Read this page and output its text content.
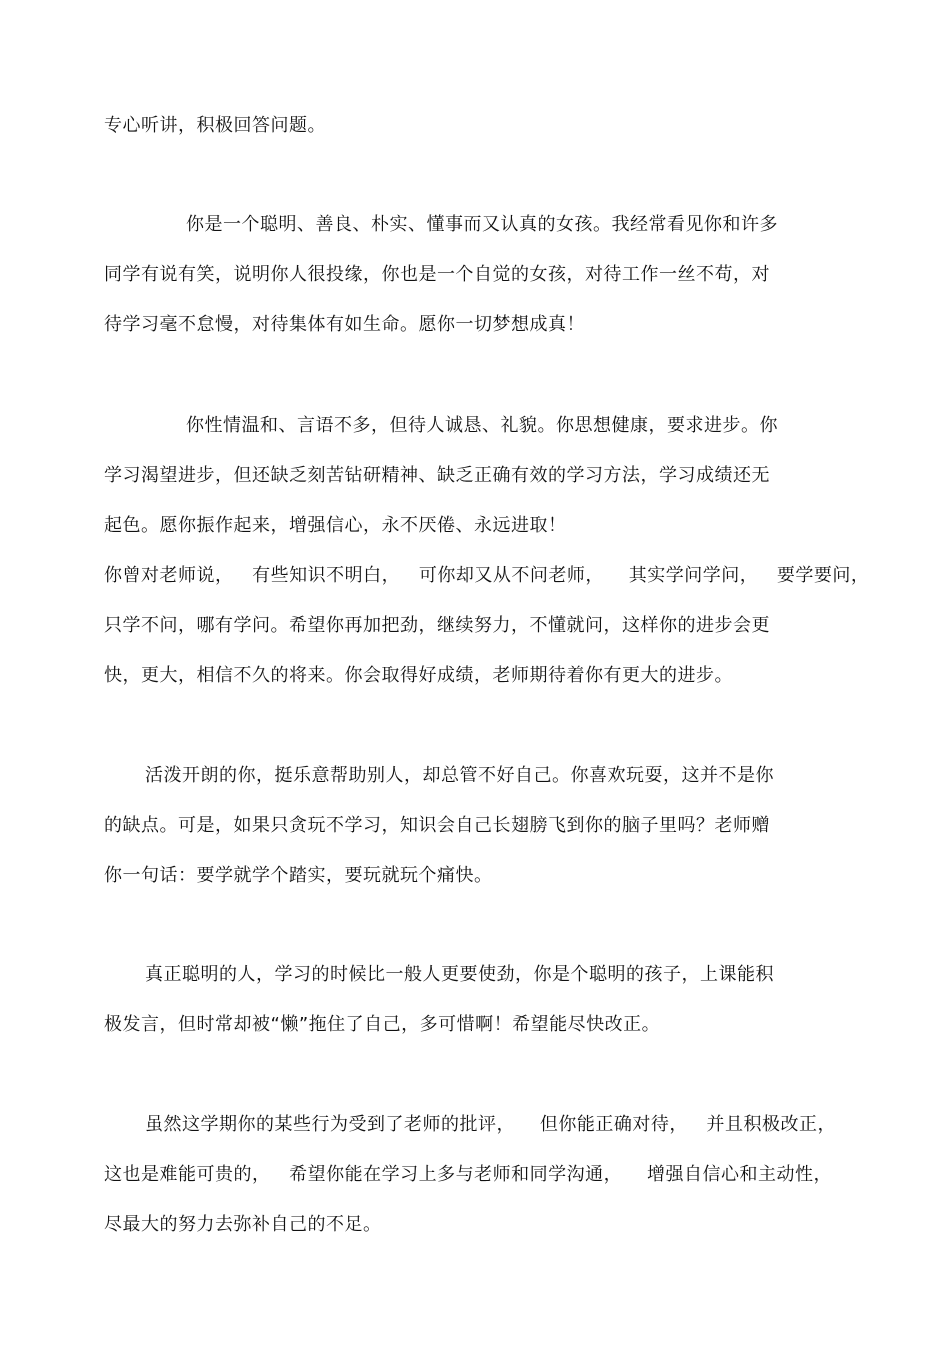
专心听讲，积极回答问题。
你是一个聪明、善良、朴实、懂事而又认真的女孩。我经常看见你和许多
同学有说有笑，说明你人很投缘，你也是一个自觉的女孩，对待工作一丝不苟，对
待学习毫不怠慢，对待集体有如生命。愿你一切梦想成真！
你性情温和、言语不多，但待人诚恳、礼貌。你思想健康，要求进步。你
学习渴望进步，但还缺乏刻苦钻研精神、缺乏正确有效的学习方法，学习成绩还无
起色。愿你振作起来，增强信心，永不厌倦、永远进取！
你曾对老师说，   有些知识不明白，   可你却又从不问老师，    其实学问学问，   要学要问，
只学不问，哪有学问。希望你再加把劲，继续努力，不懂就问，这样你的进步会更
快，更大，相信不久的将来。你会取得好成绩，老师期待着你有更大的进步。
活泼开朗的你，挺乐意帮助别人，却总管不好自己。你喜欢玩耍，这并不是你
的缺点。可是，如果只贪玩不学习，知识会自己长翅膀飞到你的脑子里吗？老师赠
你一句话：要学就学个踏实，要玩就玩个痛快。
真正聪明的人，学习的时候比一般人更要使劲，你是个聪明的孩子，上课能积
极发言，但时常却被“懒”拖住了自己，多可惜啊！希望能尽快改正。
虽然这学期你的某些行为受到了老师的批评，    但你能正确对待，   并且积极改正，
这也是难能可贵的，   希望你能在学习上多与老师和同学沟通，    增强自信心和主动性，
尽最大的努力去弥补自己的不足。
